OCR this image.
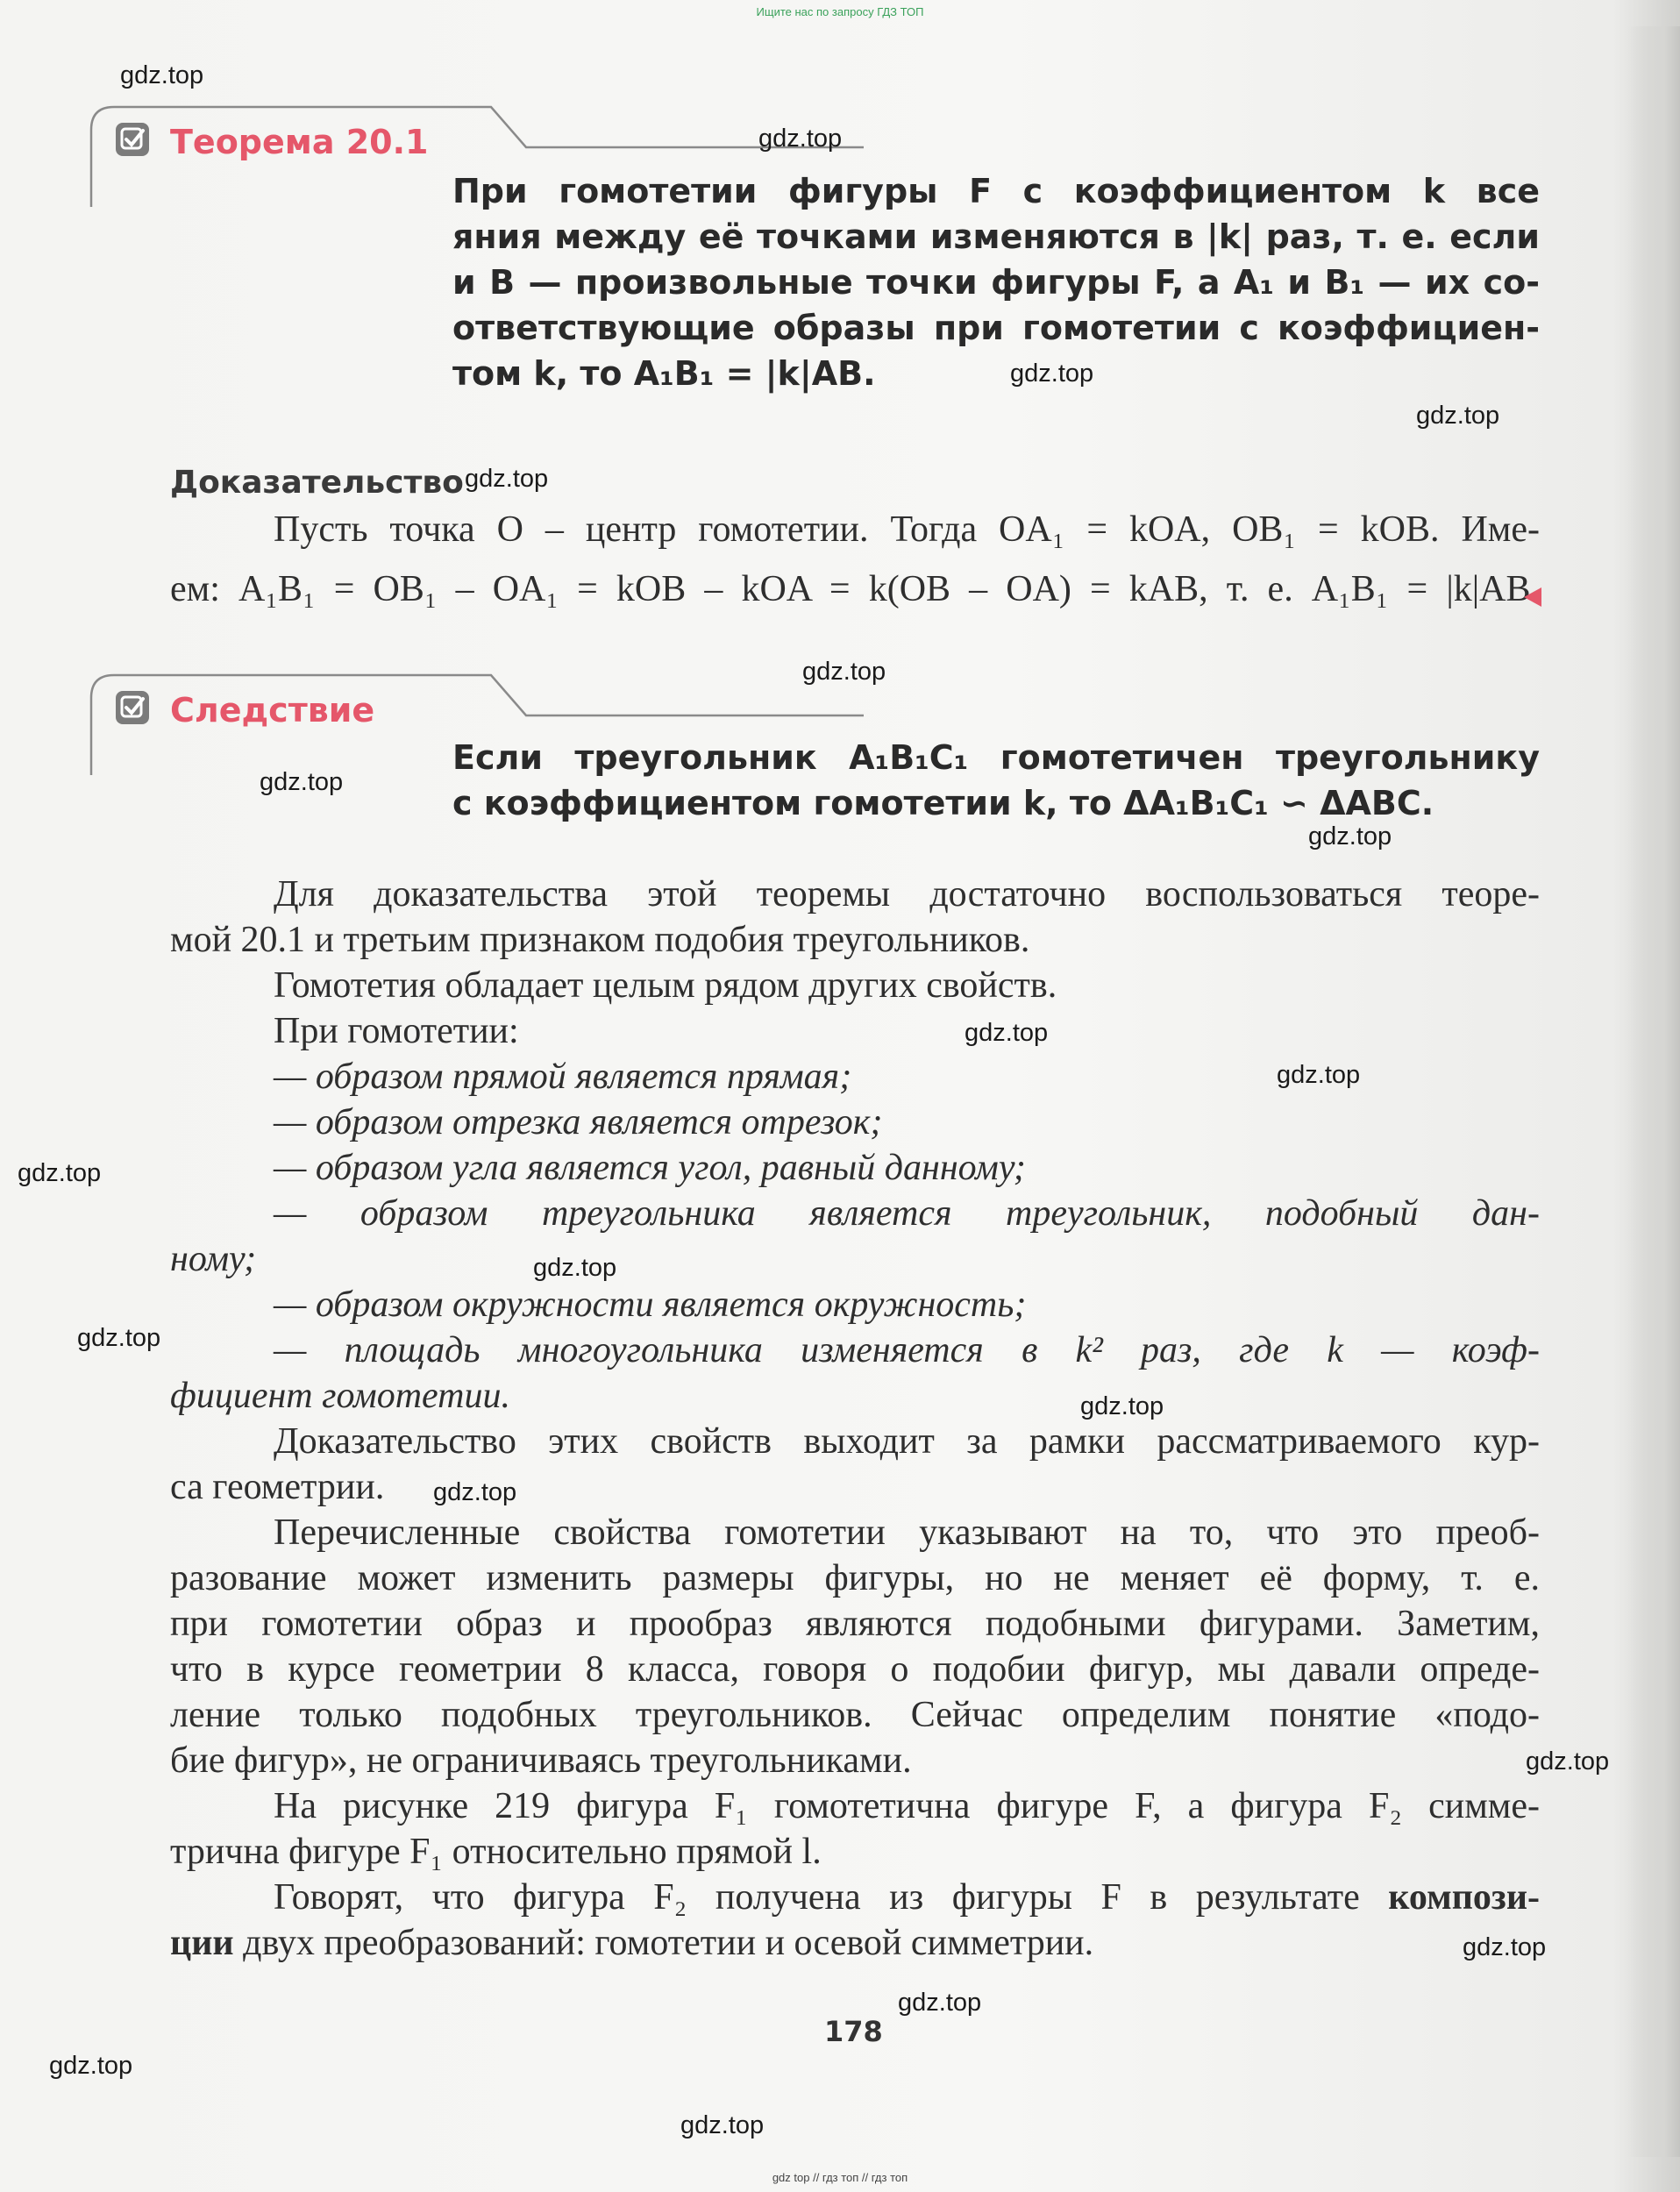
Ищите нас по запросу ГДЗ ТОП
Теорема 20.1
При гомотетии фигуры F с коэффициентом k все
яния между её точками изменяются в |k| раз, т. е. если
и B — произвольные точки фигуры F, а A₁ и B₁ — их со-
ответствующие образы при гомотетии с коэффициен-
том k, то A₁B₁ = |k|AB.
Доказательство
Пусть точка O – центр гомотетии. Тогда OA₁ = kOA, OB₁ = kOB. Име-
ем: A₁B₁ = OB₁ – OA₁ = kOB – kOA = k(OB – OA) = kAB, т. е. A₁B₁ = |k|AB.
Следствие
Если треугольник A₁B₁C₁ гомотетичен треугольнику
с коэффициентом гомотетии k, то ΔA₁B₁C₁ ∽ ΔABC.
Для доказательства этой теоремы достаточно воспользоваться теоре-
мой 20.1 и третьим признаком подобия треугольников.
Гомотетия обладает целым рядом других свойств.
При гомотетии:
— образом прямой является прямая;
— образом отрезка является отрезок;
— образом угла является угол, равный данному;
— образом треугольника является треугольник, подобный дан-
ному;
— образом окружности является окружность;
— площадь многоугольника изменяется в k² раз, где k — коэф-
фициент гомотетии.
Доказательство этих свойств выходит за рамки рассматриваемого кур-
са геометрии.
Перечисленные свойства гомотетии указывают на то, что это преоб-
разование может изменить размеры фигуры, но не меняет её форму, т. е.
при гомотетии образ и прообраз являются подобными фигурами. Заметим,
что в курсе геометрии 8 класса, говоря о подобии фигур, мы давали опреде-
ление только подобных треугольников. Сейчас определим понятие «подо-
бие фигур», не ограничиваясь треугольниками.
На рисунке 219 фигура F₁ гомотетична фигуре F, а фигура F₂ симме-
трична фигуре F₁ относительно прямой l.
Говорят, что фигура F₂ получена из фигуры F в результате компози-
ции двух преобразований: гомотетии и осевой симметрии.
178
gdz.top
gdz.top
gdz.top
gdz.top
gdz.top
gdz.top
gdz.top
gdz.top
gdz.top
gdz.top
gdz.top
gdz.top
gdz.top
gdz.top
gdz.top
gdz.top
gdz.top
gdz.top
gdz.top
gdz.top
gdz top // гдз топ // гдз топ
